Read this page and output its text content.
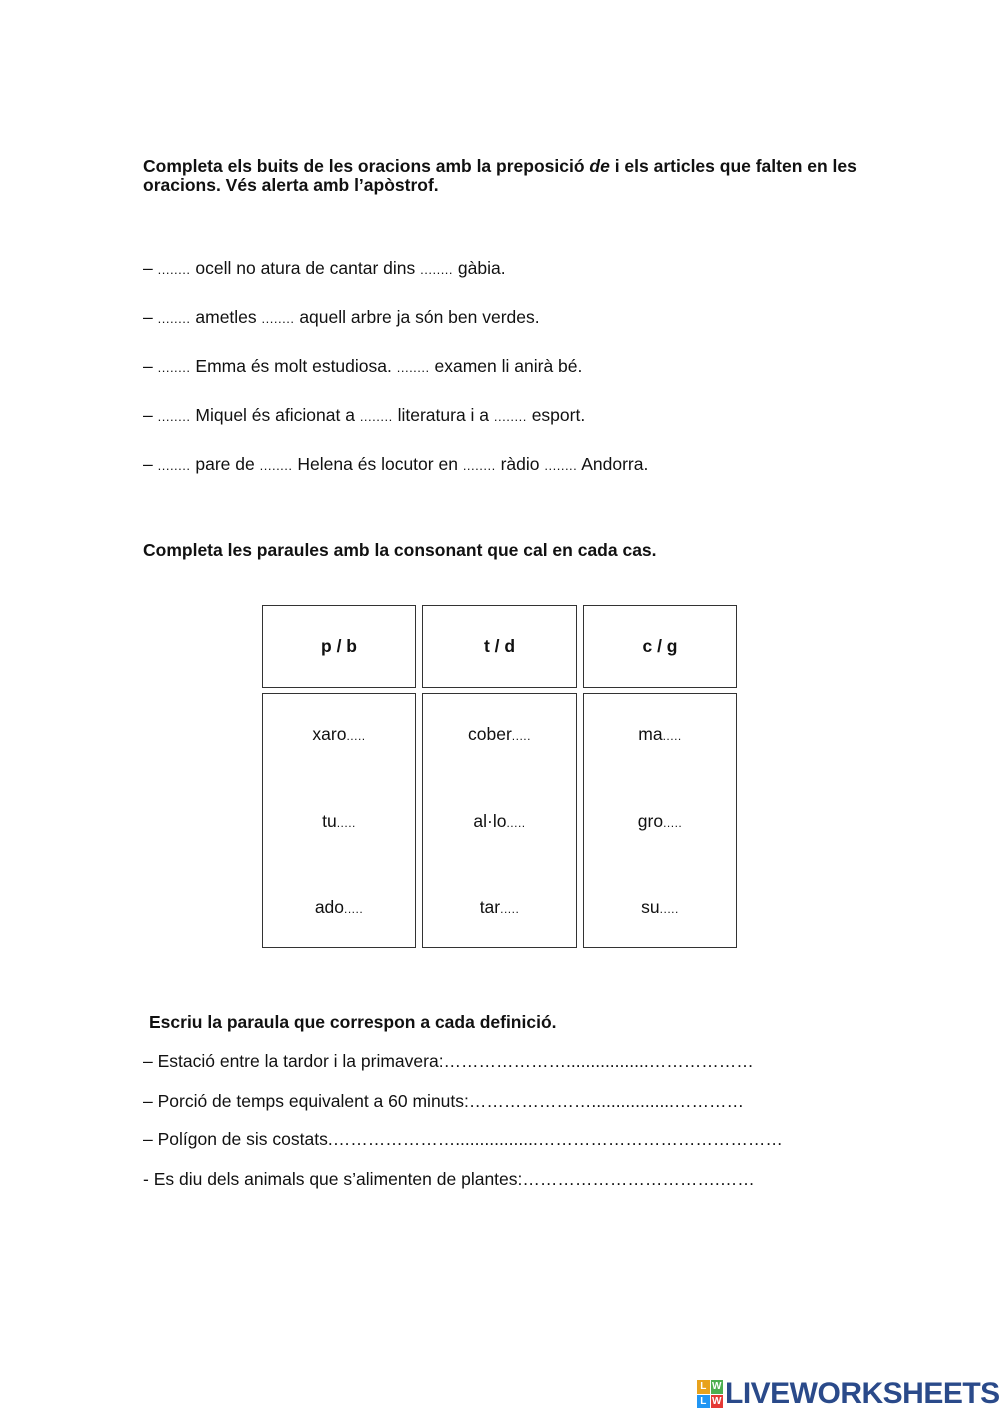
Completa els buits de les oracions amb la preposició de i els articles que falten en les oracions. Vés alerta amb l’apòstrof.

– ........ ocell no atura de cantar dins ........ gàbia.

– ........ ametles ........ aquell arbre ja són ben verdes.

– ........ Emma és molt estudiosa. ........ examen li anirà bé.

– ........ Miquel és aficionat a ........ literatura i a ........ esport.

– ........ pare de ........ Helena és locutor en ........ ràdio ........ Andorra.

Completa les paraules amb la consonant que cal en cada cas.

p / b	t / d	c / g
xaro.....
tu.....
ado.....
cober.....
al·lo.....
tar.....
ma.....
gro.....
su.....

Escriu la paraula que correspon a cada definició.

– Estació entre la tardor i la primavera:………………….................………………

– Porció de temps equivalent a 60 minuts:………………….................…………

– Polígon de sis costats.………………….................……………………………………

- Es diu dels animals que s’alimenten de plantes:…………………………….……

L W
L W LIVEWORKSHEETS
